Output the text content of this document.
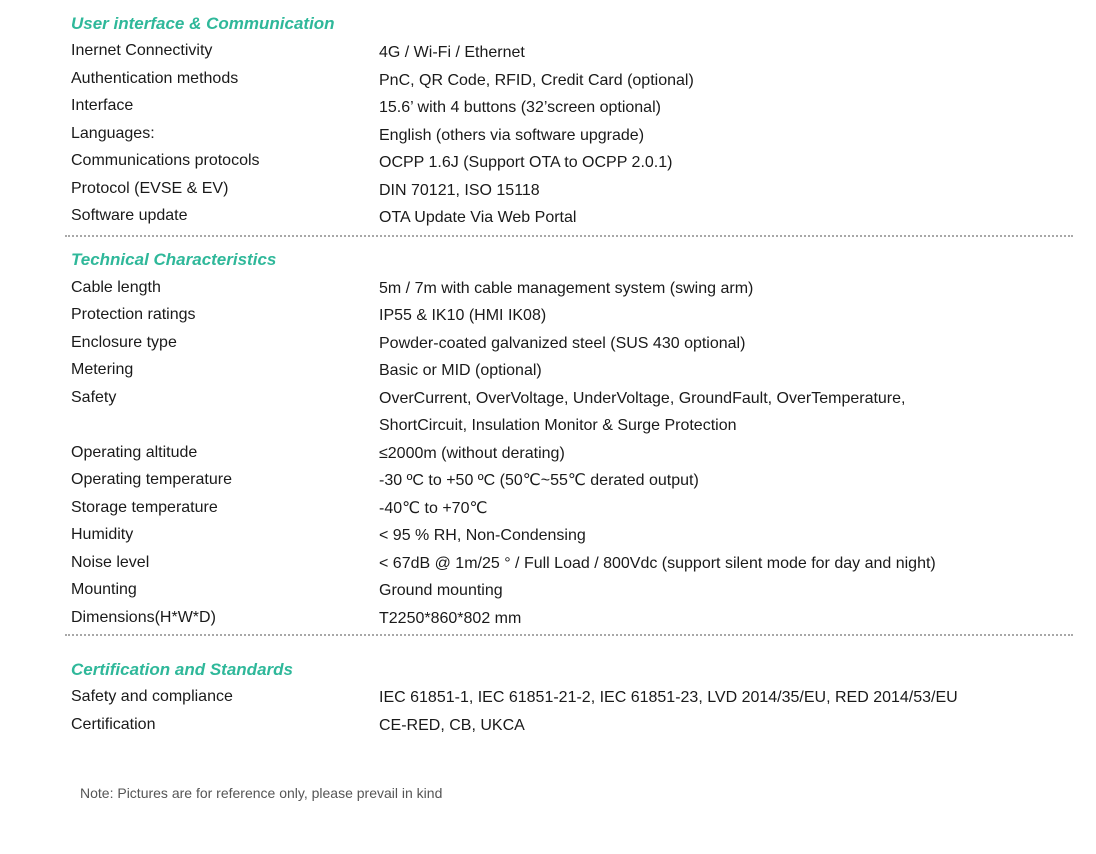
User interface & Communication
Inernet Connectivity	4G / Wi-Fi / Ethernet
Authentication methods	PnC, QR Code, RFID, Credit Card (optional)
Interface	15.6’ with 4 buttons (32’screen optional)
Languages:	English (others via software upgrade)
Communications protocols	OCPP 1.6J (Support OTA to OCPP 2.0.1)
Protocol (EVSE & EV)	DIN 70121, ISO 15118
Software update	OTA Update Via Web Portal
Technical Characteristics
Cable length	5m / 7m with cable management system (swing arm)
Protection ratings	IP55 & IK10 (HMI IK08)
Enclosure type	Powder-coated galvanized steel (SUS 430 optional)
Metering	Basic or MID (optional)
Safety	OverCurrent, OverVoltage, UnderVoltage, GroundFault, OverTemperature,
ShortCircuit, Insulation Monitor & Surge Protection
Operating altitude	≤2000m (without derating)
Operating temperature	-30 ºC to +50 ºC (50℃~55℃ derated output)
Storage temperature	-40℃ to +70℃
Humidity	< 95 % RH, Non-Condensing
Noise level	< 67dB @ 1m/25 ° / Full Load / 800Vdc (support silent mode for day and night)
Mounting	Ground mounting
Dimensions(H*W*D)	T2250*860*802 mm
Certification and Standards
Safety and compliance	IEC 61851-1, IEC 61851-21-2, IEC 61851-23, LVD 2014/35/EU, RED 2014/53/EU
Certification	CE-RED, CB, UKCA
Note: Pictures are for reference only, please prevail in kind
